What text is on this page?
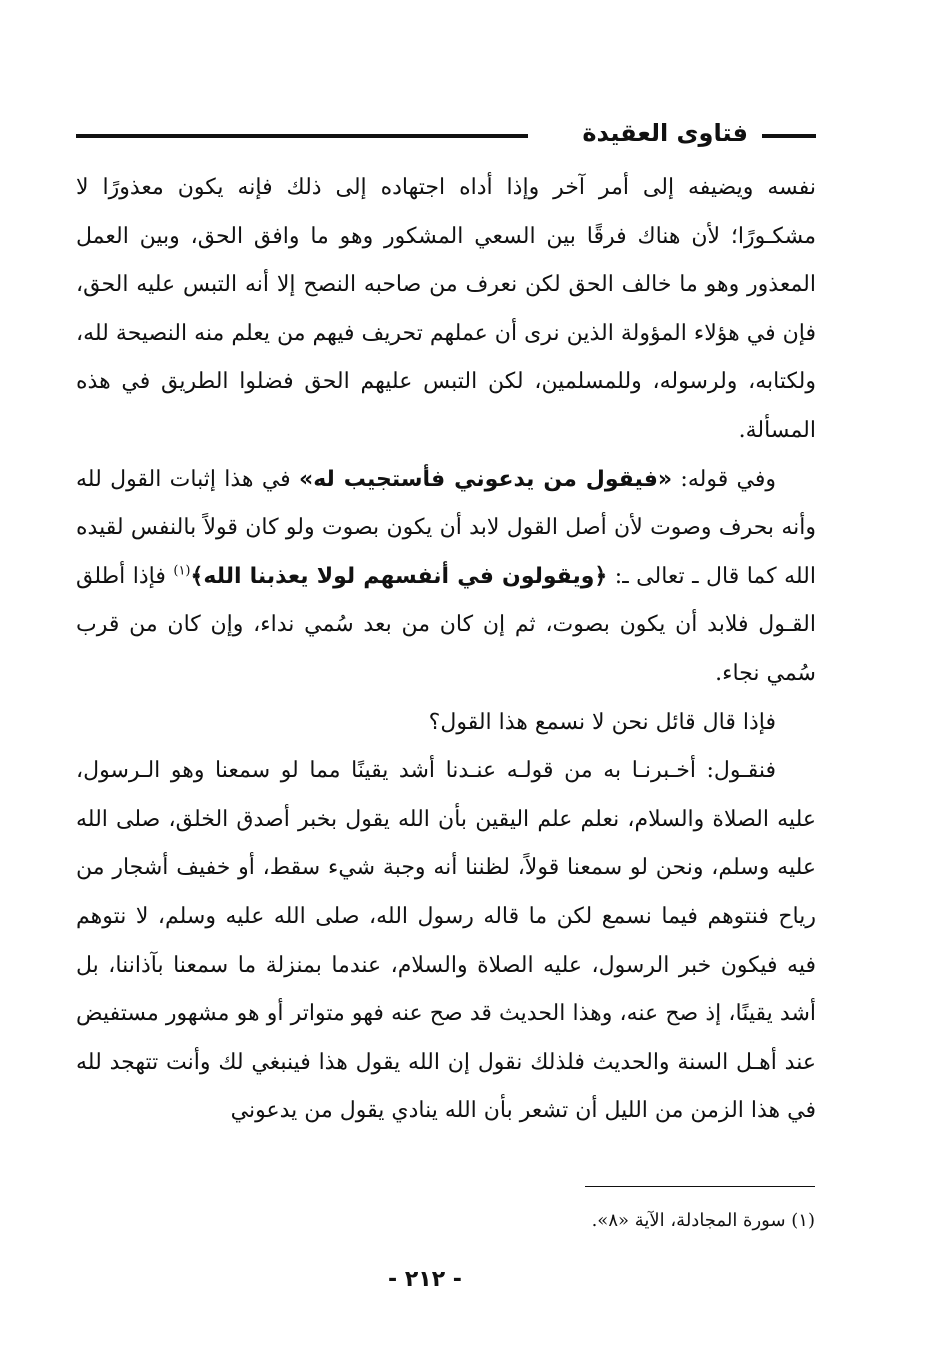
فتاوى العقيدة

نفسه ويضيفه إلى أمر آخر وإذا أداه اجتهاده إلى ذلك فإنه يكون معذورًا لا مشكـورًا؛ لأن هناك فرقًا بين السعي المشكور وهو ما وافق الحق، وبين العمل المعذور وهو ما خالف الحق لكن نعرف من صاحبه النصح إلا أنه التبس عليه الحق، فإن في هؤلاء المؤولة الذين نرى أن عملهم تحريف فيهم من يعلم منه النصيحة لله، ولكتابه، ولرسوله، وللمسلمين، لكن التبس عليهم الحق فضلوا الطريق في هذه المسألة.

وفي قوله: «فيقول من يدعوني فأستجيب له» في هذا إثبات القول لله وأنه بحرف وصوت لأن أصل القول لابد أن يكون بصوت ولو كان قولاً بالنفس لقيده الله كما قال ـ تعالى ـ: ﴿ويقولون في أنفسهم لولا يعذبنا الله﴾$^{(١)}$ فإذا أطلق القـول فلابد أن يكون بصوت، ثم إن كان من بعد سُمي نداء، وإن كان من قرب سُمي نجاء.

فإذا قال قائل نحن لا نسمع هذا القول؟

فنقـول: أخـبرنـا به من قولـه عنـدنا أشد يقينًا مما لو سمعنا وهو الـرسول، عليه الصلاة والسلام، نعلم علم اليقين بأن الله يقول بخبر أصدق الخلق، صلى الله عليه وسلم، ونحن لو سمعنا قولاً، لظننا أنه وجبة شيء سقط، أو خفيف أشجار من رياح فنتوهم فيما نسمع لكن ما قاله رسول الله، صلى الله عليه وسلم، لا نتوهم فيه فيكون خبر الرسول، عليه الصلاة والسلام، عندما بمنزلة ما سمعنا بآذاننا، بل أشد يقينًا، إذ صح عنه، وهذا الحديث قد صح عنه فهو متواتر أو هو مشهور مستفيض عند أهـل السنة والحديث فلذلك نقول إن الله يقول هذا فينبغي لك وأنت تتهجد لله في هذا الزمن من الليل أن تشعر بأن الله ينادي يقول من يدعوني

(١) سورة المجادلة، الآية «٨».
- ٢١٢ -
